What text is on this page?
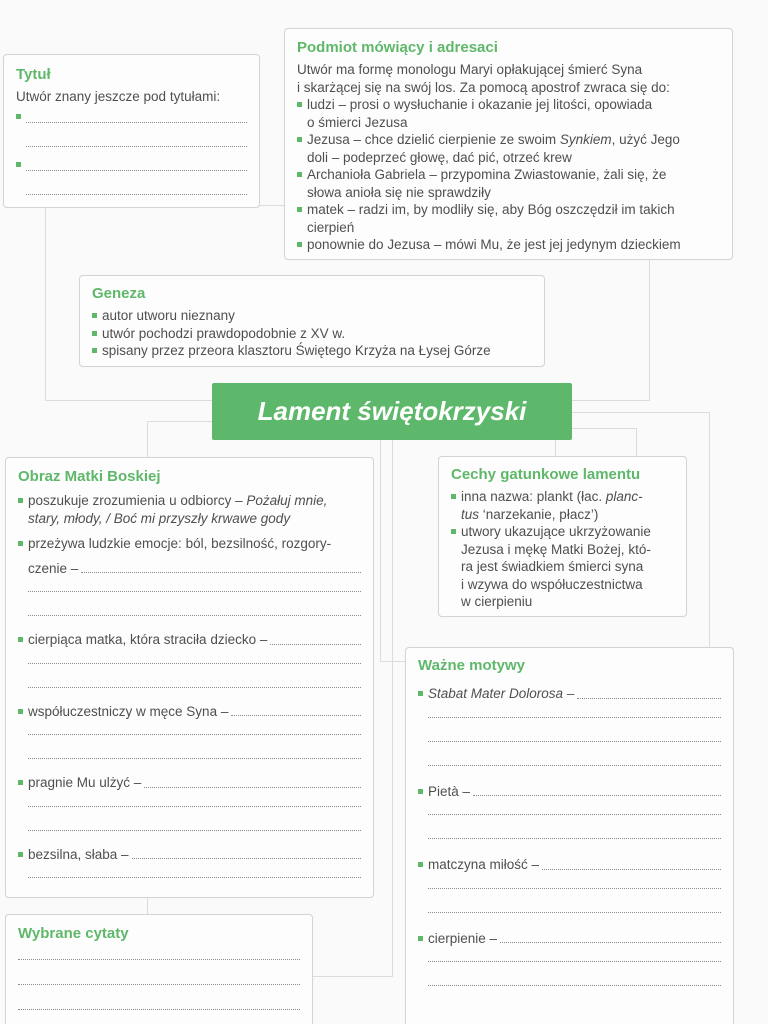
Tytuł
Utwór znany jeszcze pod tytułami:
Podmiot mówiący i adresaci
Utwór ma formę monologu Maryi opłakującej śmierć Syna
i skarżącej się na swój los. Za pomocą apostrof zwraca się do:
ludzi – prosi o wysłuchanie i okazanie jej litości, opowiada
o śmierci Jezusa
Jezusa – chce dzielić cierpienie ze swoim Synkiem, użyć Jego
doli – podeprzeć głowę, dać pić, otrzeć krew
Archanioła Gabriela – przypomina Zwiastowanie, żali się, że
słowa anioła się nie sprawdziły
matek – radzi im, by modliły się, aby Bóg oszczędził im takich
cierpień
ponownie do Jezusa – mówi Mu, że jest jej jedynym dzieckiem
Geneza
autor utworu nieznany
utwór pochodzi prawdopodobnie z XV w.
spisany przez przeora klasztoru Świętego Krzyża na Łysej Górze
Lament świętokrzyski
Obraz Matki Boskiej
poszukuje zrozumienia u odbiorcy – Pożałuj mnie,
stary, młody, / Boć mi przyszły krwawe gody
przeżywa ludzkie emocje: ból, bezsilność, rozgory-
czenie –
cierpiąca matka, która straciła dziecko –
współuczestniczy w męce Syna –
pragnie Mu ulżyć –
bezsilna, słaba –
Cechy gatunkowe lamentu
inna nazwa: plankt (łac. planc-
tus ‘narzekanie, płacz’)
utwory ukazujące ukrzyżowanie
Jezusa i mękę Matki Bożej, któ-
ra jest świadkiem śmierci syna
i wzywa do współuczestnictwa
w cierpieniu
Ważne motywy
Stabat Mater Dolorosa –
Pietà –
matczyna miłość –
cierpienie –
Wybrane cytaty
